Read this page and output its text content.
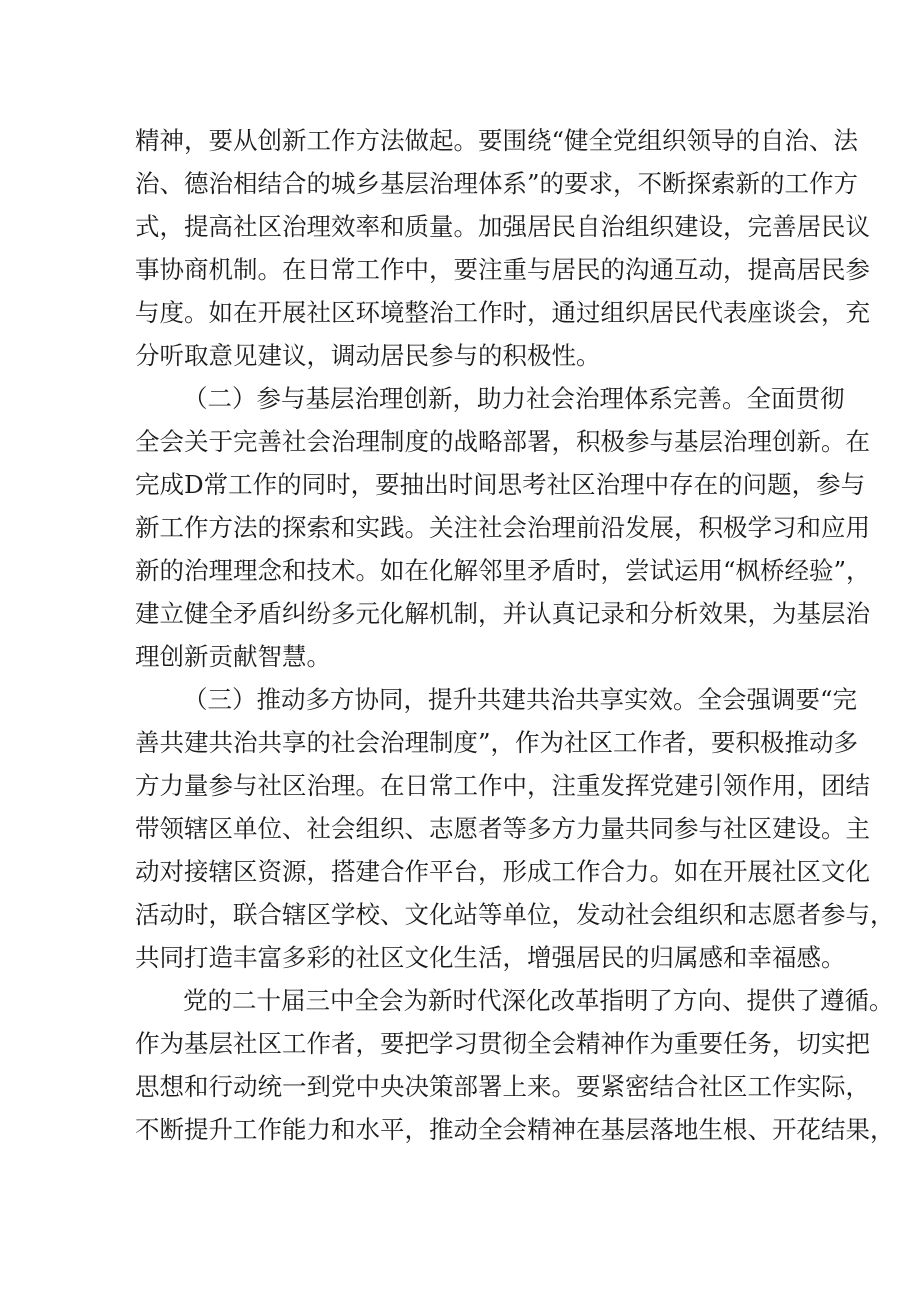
精神，要从创新工作方法做起。要围绕“健全党组织领导的自治、法
治、德治相结合的城乡基层治理体系”的要求，不断探索新的工作方
式，提高社区治理效率和质量。加强居民自治组织建设，完善居民议
事协商机制。在日常工作中，要注重与居民的沟通互动，提高居民参
与度。如在开展社区环境整治工作时，通过组织居民代表座谈会，充
分听取意见建议，调动居民参与的积极性。
（二）参与基层治理创新，助力社会治理体系完善。全面贯彻
全会关于完善社会治理制度的战略部署，积极参与基层治理创新。在
完成D常工作的同时，要抽出时间思考社区治理中存在的问题，参与
新工作方法的探索和实践。关注社会治理前沿发展，积极学习和应用
新的治理理念和技术。如在化解邻里矛盾时，尝试运用“枫桥经验”，
建立健全矛盾纠纷多元化解机制，并认真记录和分析效果，为基层治
理创新贡献智慧。
（三）推动多方协同，提升共建共治共享实效。全会强调要“完
善共建共治共享的社会治理制度”，作为社区工作者，要积极推动多
方力量参与社区治理。在日常工作中，注重发挥党建引领作用，团结
带领辖区单位、社会组织、志愿者等多方力量共同参与社区建设。主
动对接辖区资源，搭建合作平台，形成工作合力。如在开展社区文化
活动时，联合辖区学校、文化站等单位，发动社会组织和志愿者参与，
共同打造丰富多彩的社区文化生活，增强居民的归属感和幸福感。
党的二十届三中全会为新时代深化改革指明了方向、提供了遵循。
作为基层社区工作者，要把学习贯彻全会精神作为重要任务，切实把
思想和行动统一到党中央决策部署上来。要紧密结合社区工作实际，
不断提升工作能力和水平，推动全会精神在基层落地生根、开花结果，
